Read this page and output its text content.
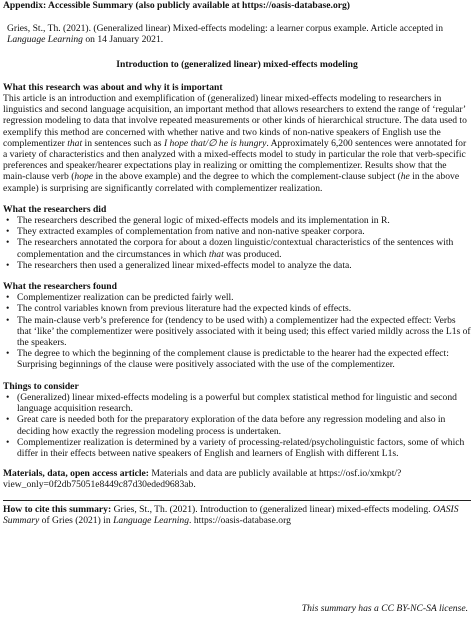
Appendix: Accessible Summary (also publicly available at https://oasis-database.org)

Gries, St., Th. (2021). (Generalized linear) Mixed-effects modeling: a learner corpus example. Article accepted in Language Learning on 14 January 2021.

Introduction to (generalized linear) mixed-effects modeling

What this research was about and why it is important

This article is an introduction and exemplification of (generalized) linear mixed-effects modeling to researchers in linguistics and second language acquisition, an important method that allows researchers to extend the range of ‘regular’ regression modeling to data that involve repeated measurements or other kinds of hierarchical structure. The data used to exemplify this method are concerned with whether native and two kinds of non-native speakers of English use the complementizer that in sentences such as I hope that/∅ he is hungry. Approximately 6,200 sentences were annotated for a variety of characteristics and then analyzed with a mixed-effects model to study in particular the role that verb-specific preferences and speaker/hearer expectations play in realizing or omitting the complementizer. Results show that the main-clause verb (hope in the above example) and the degree to which the complement-clause subject (he in the above example) is surprising are significantly correlated with complementizer realization.

What the researchers did
• The researchers described the general logic of mixed-effects models and its implementation in R.
• They extracted examples of complementation from native and non-native speaker corpora.
• The researchers annotated the corpora for about a dozen linguistic/contextual characteristics of the sentences with complementation and the circumstances in which that was produced.
• The researchers then used a generalized linear mixed-effects model to analyze the data.
What the researchers found
• Complementizer realization can be predicted fairly well.
• The control variables known from previous literature had the expected kinds of effects.
• The main-clause verb’s preference for (tendency to be used with) a complementizer had the expected effect: Verbs that ‘like’ the complementizer were positively associated with it being used; this effect varied mildly across the L1s of the speakers.
• The degree to which the beginning of the complement clause is predictable to the hearer had the expected effect: Surprising beginnings of the clause were positively associated with the use of the complementizer.
Things to consider
• (Generalized) linear mixed-effects modeling is a powerful but complex statistical method for linguistic and second language acquisition research.
• Great care is needed both for the preparatory exploration of the data before any regression modeling and also in deciding how exactly the regression modeling process is undertaken.
• Complementizer realization is determined by a variety of processing-related/psycholinguistic factors, some of which differ in their effects between native speakers of English and learners of English with different L1s.

Materials, data, open access article: Materials and data are publicly available at https://osf.io/xmkpt/?view_only=0f2db75051e8449c87d30eded9683ab.

How to cite this summary: Gries, St., Th. (2021). Introduction to (generalized linear) mixed-effects modeling. OASIS Summary of Gries (2021) in Language Learning. https://oasis-database.org

This summary has a CC BY-NC-SA license.
